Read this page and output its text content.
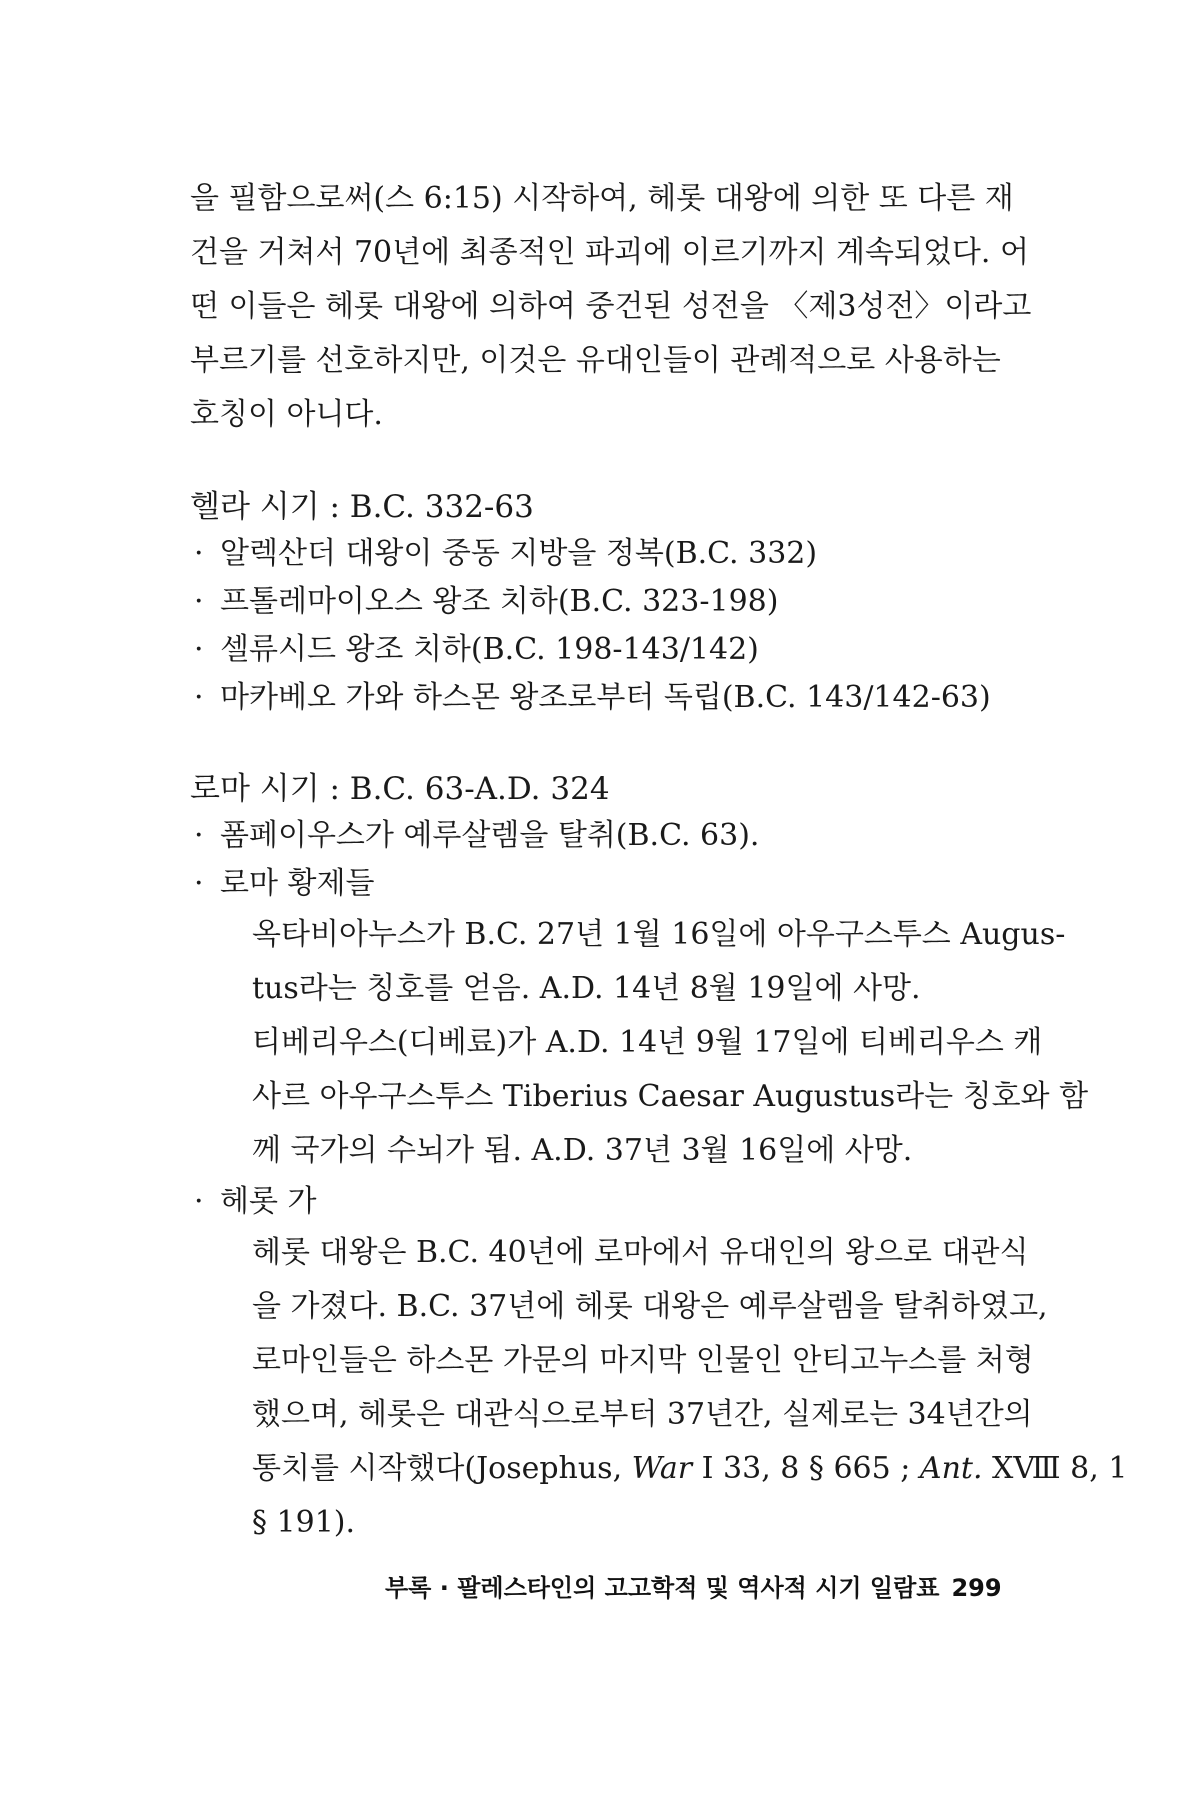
을 필함으로써(스 6:15) 시작하여, 헤롯 대왕에 의한 또 다른 재
건을 거쳐서 70년에 최종적인 파괴에 이르기까지 계속되었다. 어
떤 이들은 헤롯 대왕에 의하여 중건된 성전을 〈제3성전〉이라고
부르기를 선호하지만, 이것은 유대인들이 관례적으로 사용하는
호칭이 아니다.
헬라 시기 : B.C. 332-63
· 알렉산더 대왕이 중동 지방을 정복(B.C. 332)
· 프톨레마이오스 왕조 치하(B.C. 323-198)
· 셀류시드 왕조 치하(B.C. 198-143/142)
· 마카베오 가와 하스몬 왕조로부터 독립(B.C. 143/142-63)
로마 시기 : B.C. 63-A.D. 324
· 폼페이우스가 예루살렘을 탈취(B.C. 63).
· 로마 황제들
옥타비아누스가 B.C. 27년 1월 16일에 아우구스투스 Augus-
tus라는 칭호를 얻음. A.D. 14년 8월 19일에 사망.
티베리우스(디베료)가 A.D. 14년 9월 17일에 티베리우스 캐
사르 아우구스투스 Tiberius Caesar Augustus라는 칭호와 함
께 국가의 수뇌가 됨. A.D. 37년 3월 16일에 사망.
· 헤롯 가
헤롯 대왕은 B.C. 40년에 로마에서 유대인의 왕으로 대관식
을 가졌다. B.C. 37년에 헤롯 대왕은 예루살렘을 탈취하였고,
로마인들은 하스몬 가문의 마지막 인물인 안티고누스를 처형
했으며, 헤롯은 대관식으로부터 37년간, 실제로는 34년간의
통치를 시작했다(Josephus, War Ⅰ 33, 8 § 665 ; Ant. XⅧ 8, 1
§ 191).
부록 · 팔레스타인의 고고학적 및 역사적 시기 일람표 299
